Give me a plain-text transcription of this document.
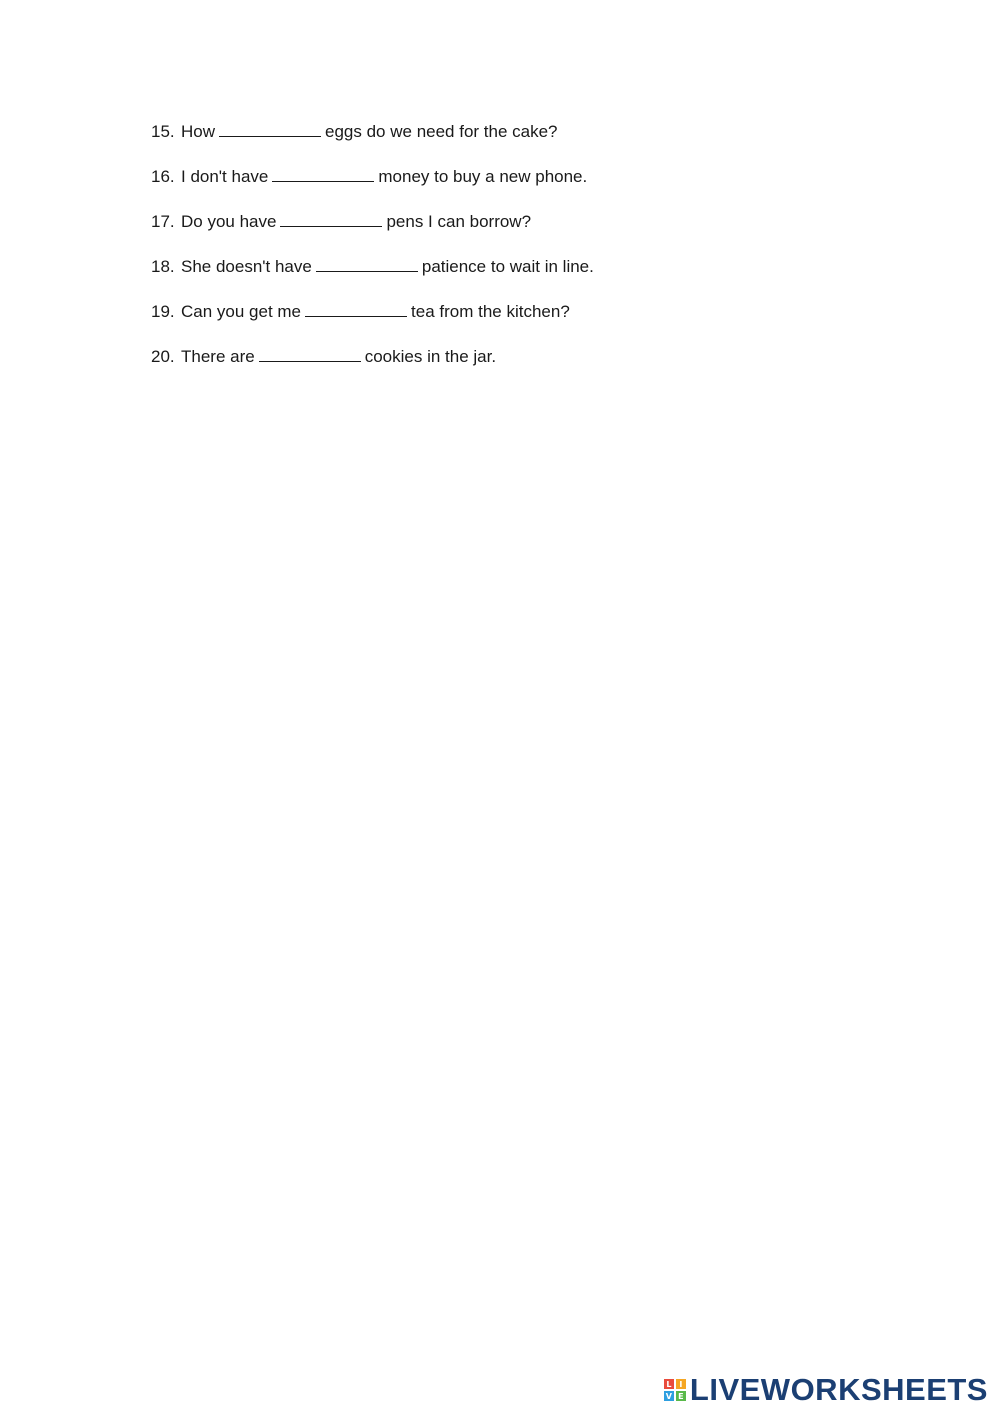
15. How	eggs do we need for the cake?
16. I don't have	money to buy a new phone.
17. Do you have	pens I can borrow?
18. She doesn't have	patience to wait in line.
19. Can you get me	tea from the kitchen?
20. There are	cookies in the jar.
L I
V E LIVEWORKSHEETS
